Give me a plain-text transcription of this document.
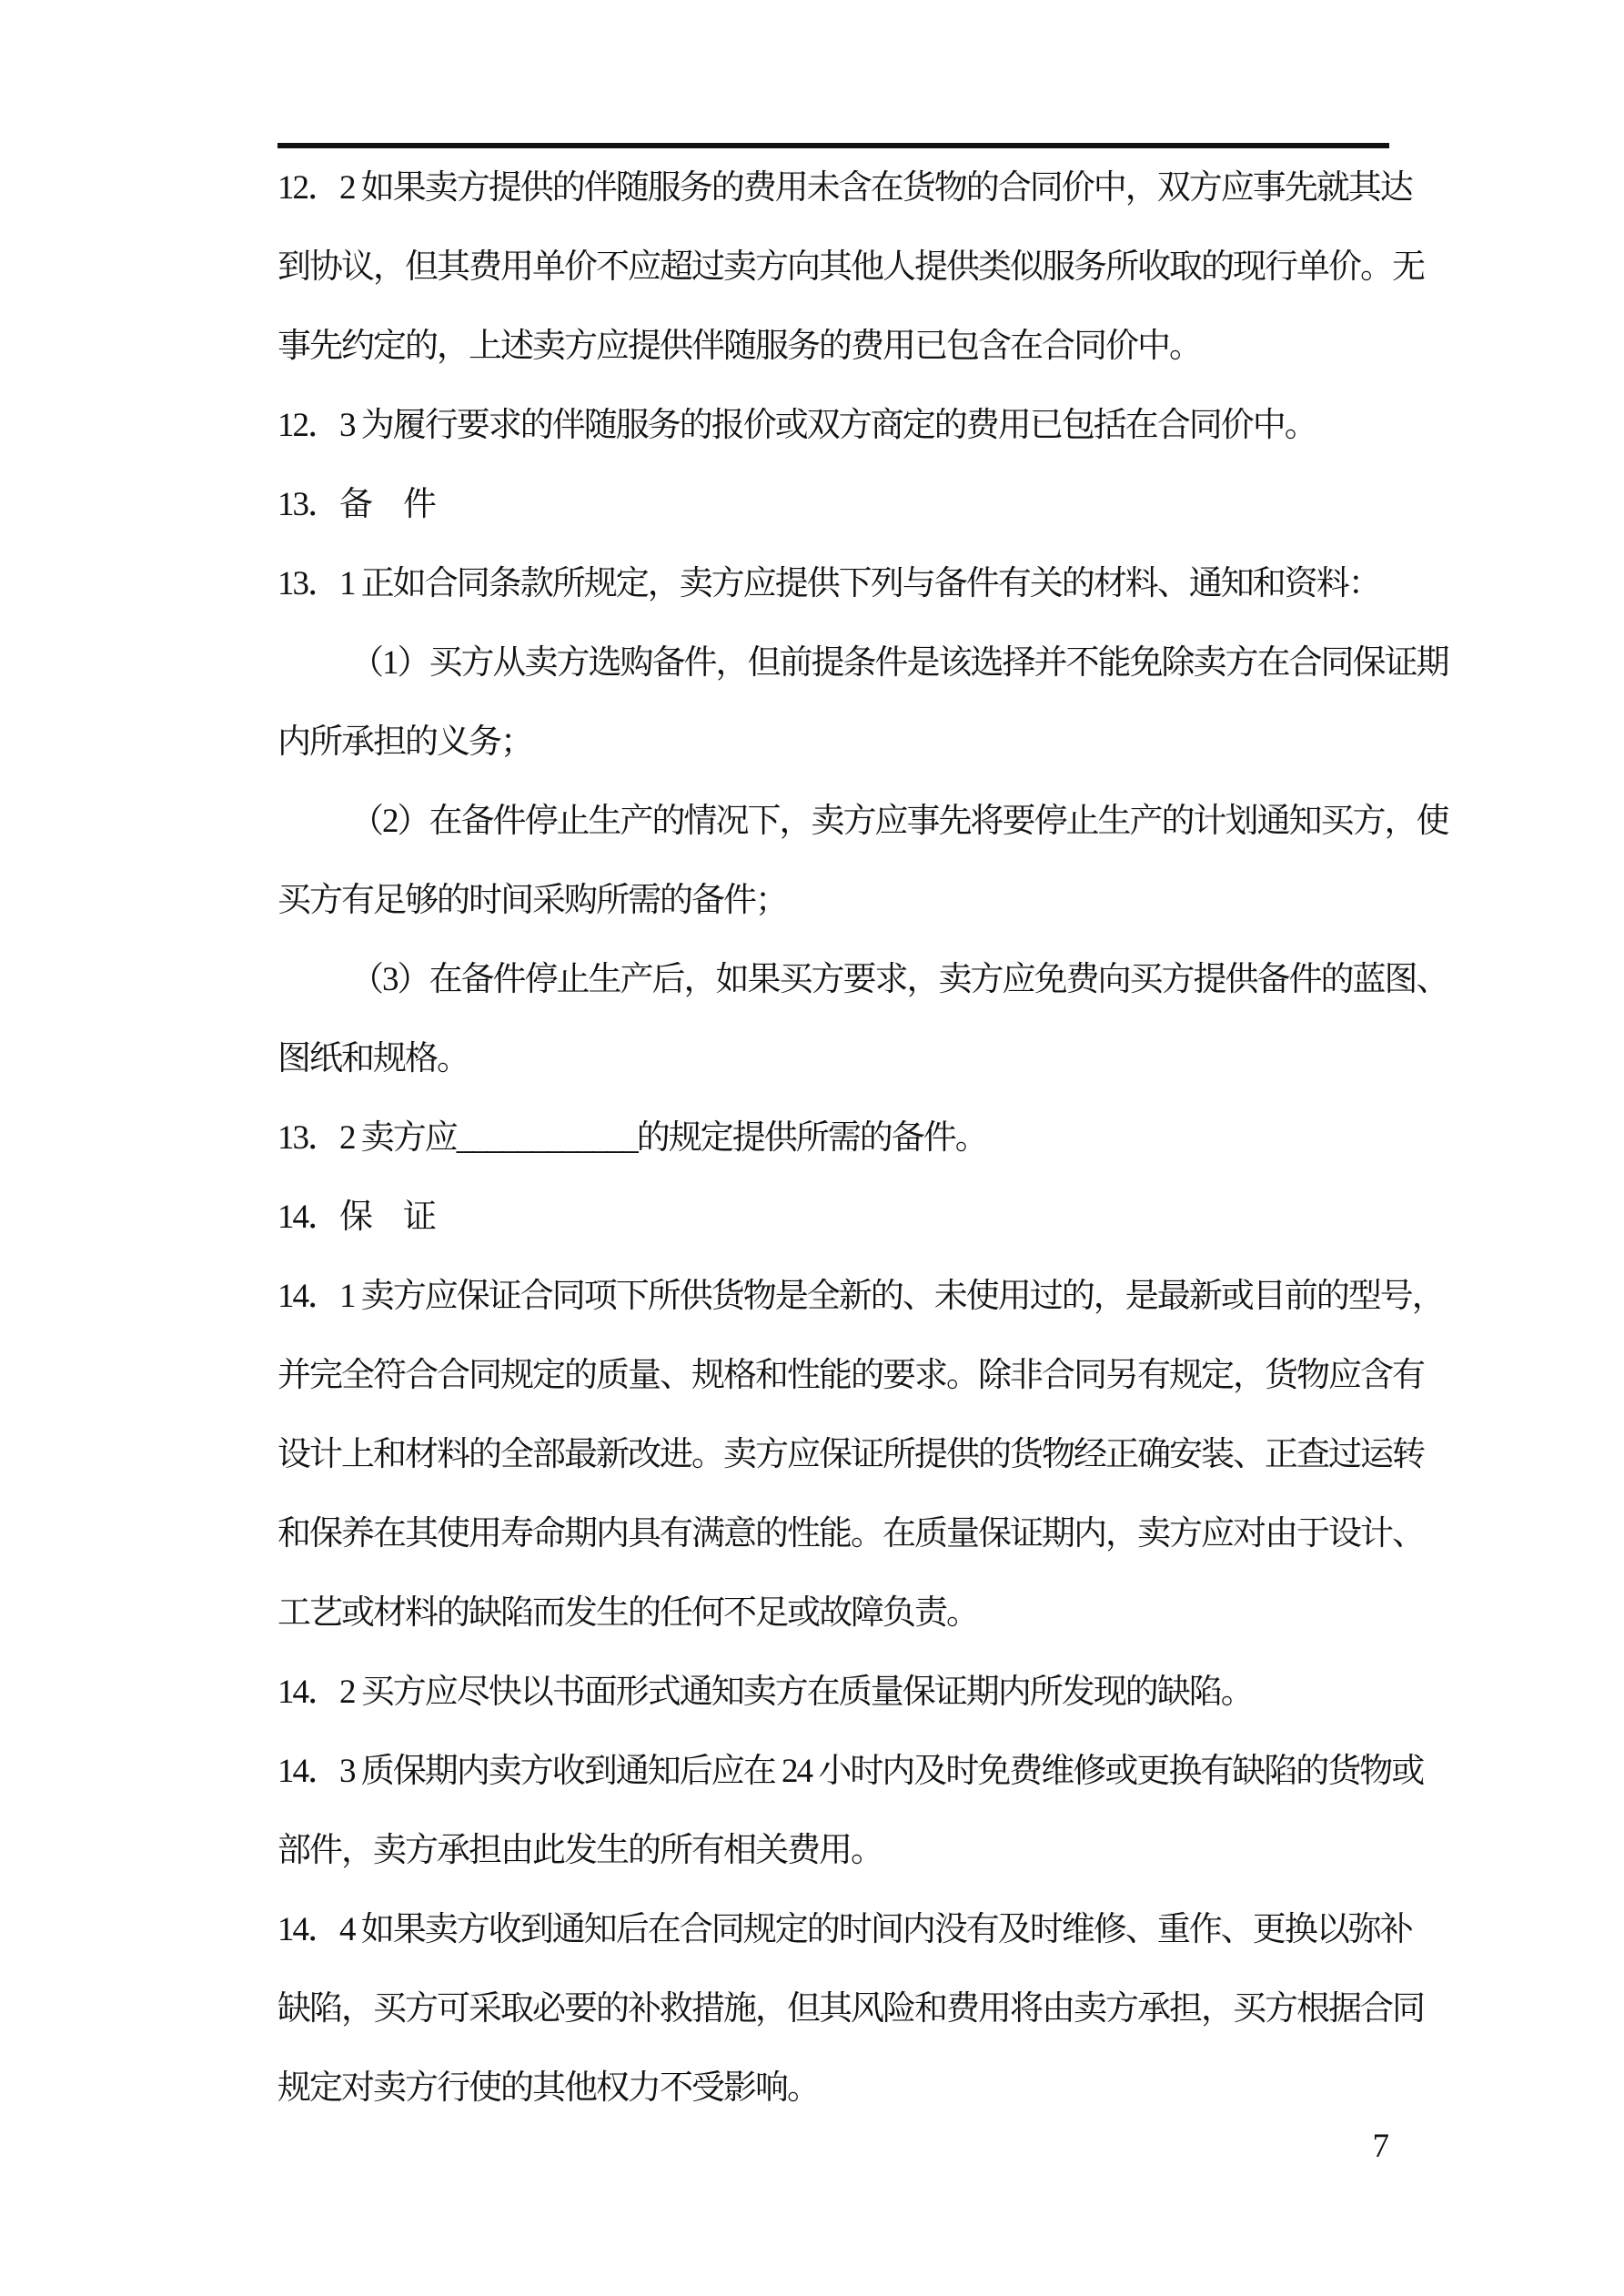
12．2 如果卖方提供的伴随服务的费用未含在货物的合同价中，双方应事先就其达
到协议，但其费用单价不应超过卖方向其他人提供类似服务所收取的现行单价。无
事先约定的，上述卖方应提供伴随服务的费用已包含在合同价中。
12．3 为履行要求的伴随服务的报价或双方商定的费用已包括在合同价中。
13．备　件
13．1 正如合同条款所规定，卖方应提供下列与备件有关的材料、通知和资料：
（1）买方从卖方选购备件，但前提条件是该选择并不能免除卖方在合同保证期
内所承担的义务；
（2）在备件停止生产的情况下，卖方应事先将要停止生产的计划通知买方，使
买方有足够的时间采购所需的备件；
（3）在备件停止生产后，如果买方要求，卖方应免费向买方提供备件的蓝图、
图纸和规格。
13．2 卖方应____________的规定提供所需的备件。
14．保　证
14．1 卖方应保证合同项下所供货物是全新的、未使用过的，是最新或目前的型号，
并完全符合合同规定的质量、规格和性能的要求。除非合同另有规定，货物应含有
设计上和材料的全部最新改进。卖方应保证所提供的货物经正确安装、正查过运转
和保养在其使用寿命期内具有满意的性能。在质量保证期内，卖方应对由于设计、
工艺或材料的缺陷而发生的任何不足或故障负责。
14．2 买方应尽快以书面形式通知卖方在质量保证期内所发现的缺陷。
14．3 质保期内卖方收到通知后应在 24 小时内及时免费维修或更换有缺陷的货物或
部件，卖方承担由此发生的所有相关费用。
14．4 如果卖方收到通知后在合同规定的时间内没有及时维修、重作、更换以弥补
缺陷，买方可采取必要的补救措施，但其风险和费用将由卖方承担，买方根据合同
规定对卖方行使的其他权力不受影响。
7
